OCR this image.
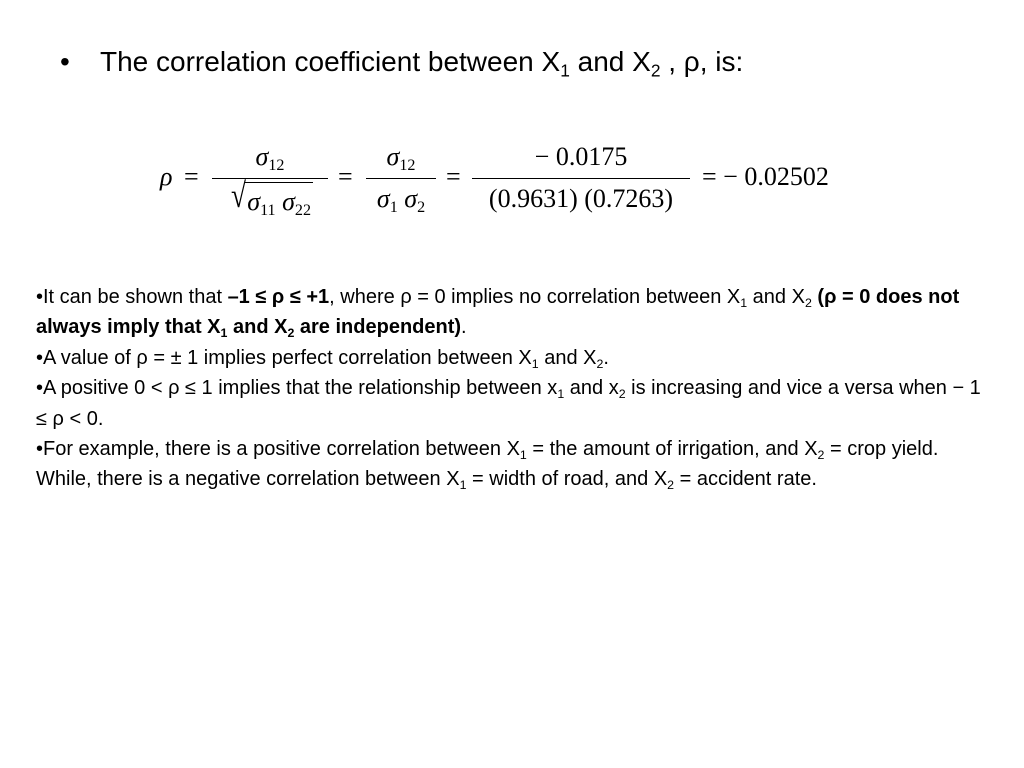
• The correlation coefficient between $X_1$ and $X_2$ , ρ, is:
ρ =
$\sigma_{12}$
$√\sigma_{11}$ $\sigma_{22}$
=
$\sigma_{12}$
$\sigma_1$ $\sigma_2$
=
− 0.0175
(0.9631) (0.7263)
= − 0.02502

•It can be shown that –1 ≤ ρ ≤ +1, where ρ = 0 implies no correlation between $X_1$ and $X_2$ (ρ = 0 does not always imply that $X_1$ and $X_2$ are independent).

•A value of ρ = ± 1 implies perfect correlation between $X_1$ and $X_2$.

•A positive 0 < ρ ≤ 1 implies that the relationship between $x_1$ and $x_2$ is increasing and vice a versa when − 1 ≤ ρ < 0.

•For example, there is a positive correlation between $X_1$ = the amount of irrigation, and $X_2$ = crop yield. While, there is a negative correlation between $X_1$ = width of road, and $X_2$ = accident rate.
